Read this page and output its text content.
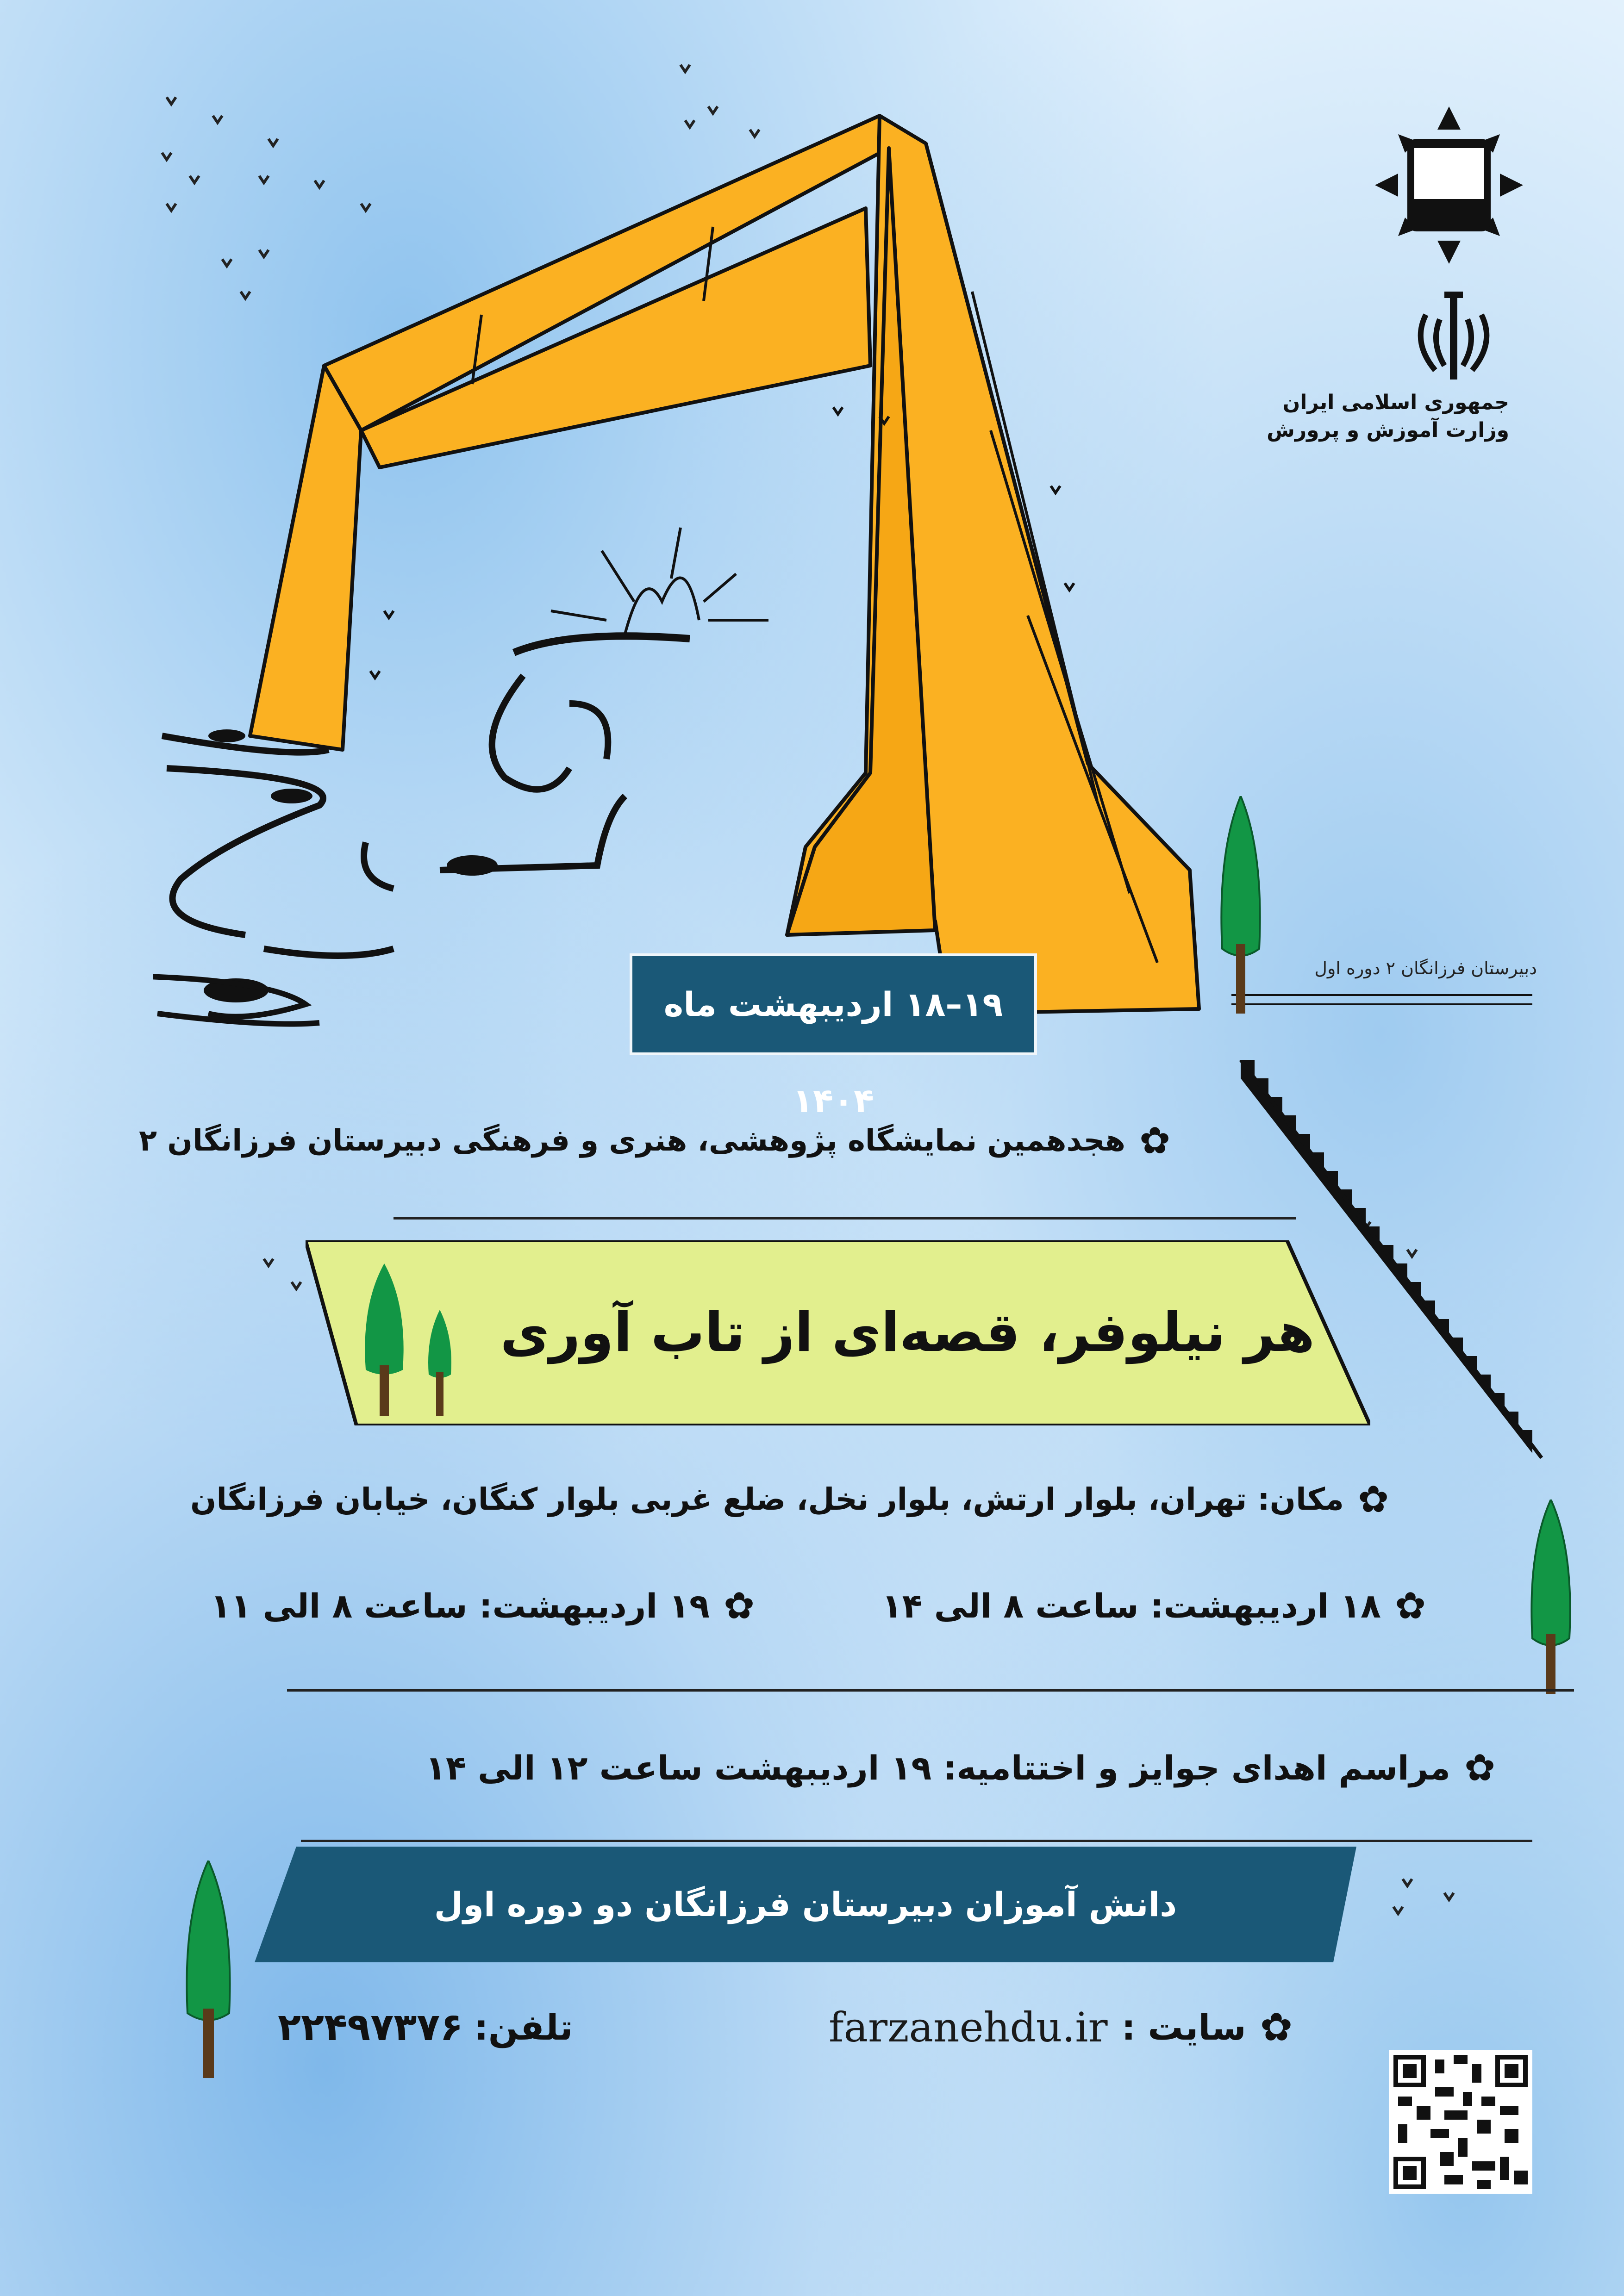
جمهوری اسلامی ایران
وزارت آموزش و پرورش
دبیرستان فرزانگان ۲ دوره اول
۱۹–۱۸ اردیبهشت ماه ۱۴۰۴
✿
هجدهمین نمایشگاه پژوهشی، هنری و فرهنگی دبیرستان فرزانگان ۲
هر نیلوفر، قصه‌ای از تاب آوری
✿
مکان: تهران، بلوار ارتش، بلوار نخل، ضلع غربی بلوار کنگان، خیابان فرزانگان
✿
۱۸ اردیبهشت: ساعت ۸ الی ۱۴
✿
۱۹ اردیبهشت: ساعت ۸ الی ۱۱
✿
مراسم اهدای جوایز و اختتامیه: ۱۹ اردیبهشت ساعت ۱۲ الی ۱۴
دانش آموزان دبیرستان فرزانگان دو دوره اول
farzanehdu.ir سایت : ✿
۲۲۴۹۷۳۷۶ تلفن:
